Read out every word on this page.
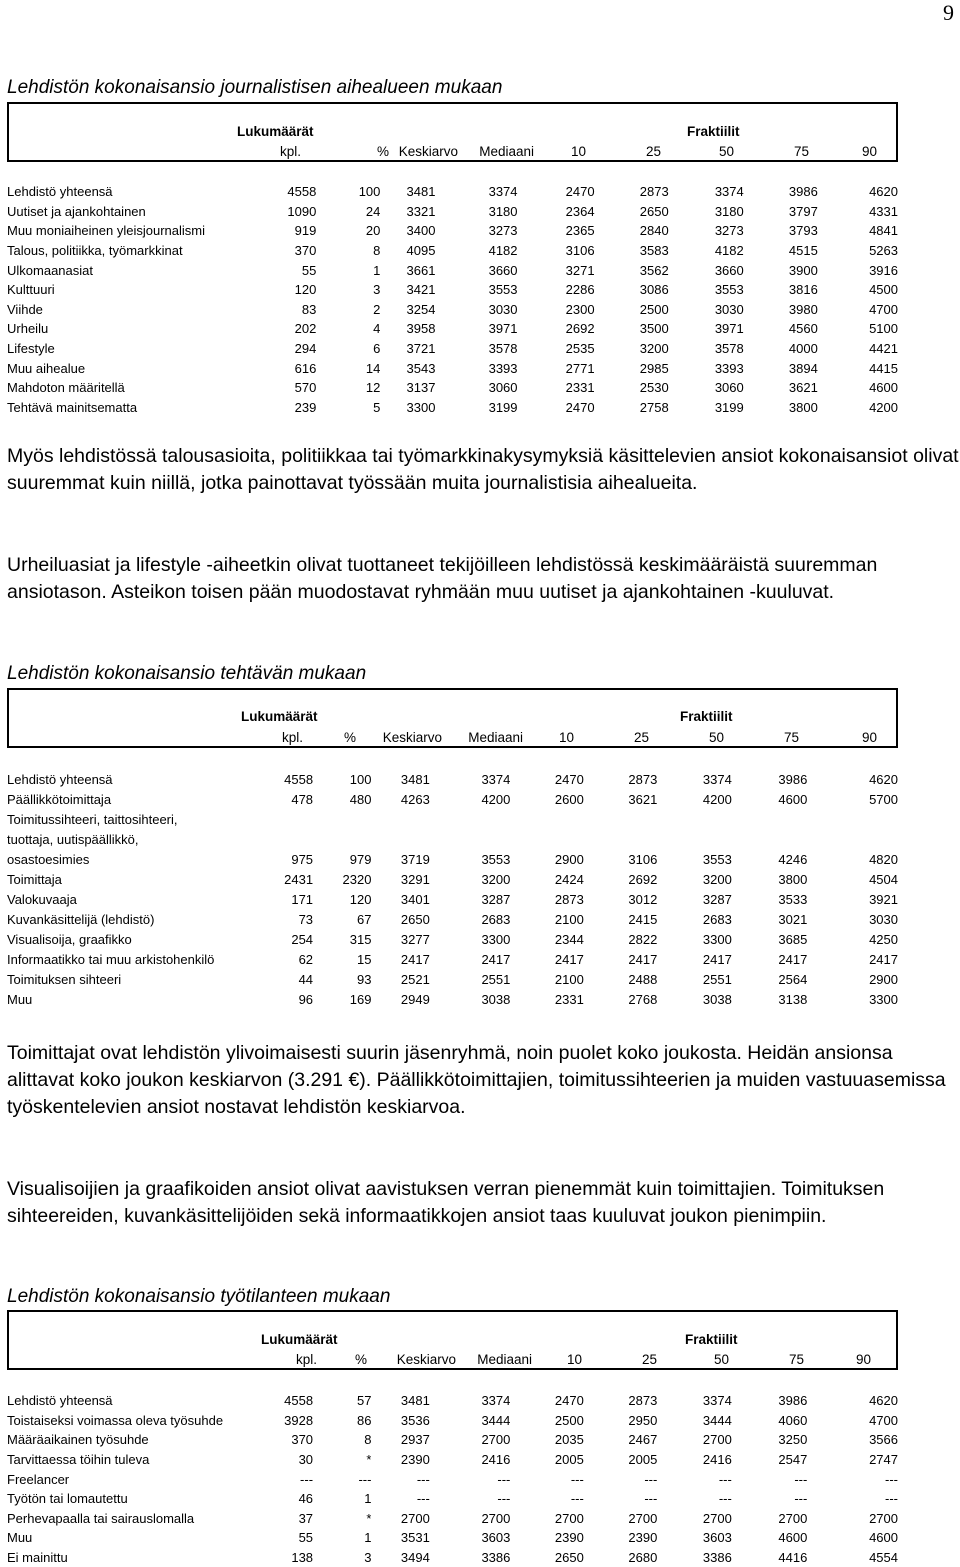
9
Lehdistön kokonaisansio journalistisen aihealueen mukaan
Lukumäärät	Fraktiilit
kpl.	% Keskiarvo Mediaani	10	25	50	75	90
Lehdistö yhteensä	4558	100	3481	3374	2470	2873	3374	3986	4620
Uutiset ja ajankohtainen	1090	24	3321	3180	2364	2650	3180	3797	4331
Muu moniaiheinen yleisjournalismi	919	20	3400	3273	2365	2840	3273	3793	4841
Talous, politiikka, työmarkkinat	370	8	4095	4182	3106	3583	4182	4515	5263
Ulkomaanasiat	55	1	3661	3660	3271	3562	3660	3900	3916
Kulttuuri	120	3	3421	3553	2286	3086	3553	3816	4500
Viihde	83	2	3254	3030	2300	2500	3030	3980	4700
Urheilu	202	4	3958	3971	2692	3500	3971	4560	5100
Lifestyle	294	6	3721	3578	2535	3200	3578	4000	4421
Muu aihealue	616	14	3543	3393	2771	2985	3393	3894	4415
Mahdoton määritellä	570	12	3137	3060	2331	2530	3060	3621	4600
Tehtävä mainitsematta	239	5	3300	3199	2470	2758	3199	3800	4200

Myös lehdistössä talousasioita, politiikkaa tai työmarkkinakysymyksiä käsittelevien ansiot kokonaisansiot olivat suuremmat kuin niillä, jotka painottavat työssään muita journalistisia aihealueita.

Urheiluasiat ja lifestyle -aiheetkin olivat tuottaneet tekijöilleen lehdistössä keskimääräistä suuremman ansiotason. Asteikon toisen pään muodostavat ryhmään muu uutiset ja ajankohtainen -kuuluvat.

Lehdistön kokonaisansio tehtävän mukaan
Lukumäärät	Fraktiilit
kpl.	% Keskiarvo Mediaani	10	25	50	75	90
Lehdistö yhteensä	4558	100	3481	3374	2470	2873	3374	3986	4620
Päällikkötoimittaja	478	480	4263	4200	2600	3621	4200	4600	5700
Toimitussihteeri, taittosihteeri,									
tuottaja, uutispäällikkö,									
osastoesimies	975	979	3719	3553	2900	3106	3553	4246	4820
Toimittaja	2431	2320	3291	3200	2424	2692	3200	3800	4504
Valokuvaaja	171	120	3401	3287	2873	3012	3287	3533	3921
Kuvankäsittelijä (lehdistö)	73	67	2650	2683	2100	2415	2683	3021	3030
Visualisoija, graafikko	254	315	3277	3300	2344	2822	3300	3685	4250
Informaatikko tai muu arkistohenkilö	62	15	2417	2417	2417	2417	2417	2417	2417
Toimituksen sihteeri	44	93	2521	2551	2100	2488	2551	2564	2900
Muu	96	169	2949	3038	2331	2768	3038	3138	3300

Toimittajat ovat lehdistön ylivoimaisesti suurin jäsenryhmä, noin puolet koko joukosta. Heidän ansionsa alittavat koko joukon keskiarvon (3.291 €). Päällikkötoimittajien, toimitussihteerien ja muiden vastuuasemissa työskentelevien ansiot nostavat lehdistön keskiarvoa.

Visualisoijien ja graafikoiden ansiot olivat aavistuksen verran pienemmät kuin toimittajien. Toimituksen sihteereiden, kuvankäsittelijöiden sekä informaatikkojen ansiot taas kuuluvat joukon pienimpiin.

Lehdistön kokonaisansio työtilanteen mukaan
Lukumäärät	Fraktiilit
kpl.	% Keskiarvo Mediaani	10	25	50	75	90
Lehdistö yhteensä	4558	57	3481	3374	2470	2873	3374	3986	4620
Toistaiseksi voimassa oleva työsuhde	3928	86	3536	3444	2500	2950	3444	4060	4700
Määräaikainen työsuhde	370	8	2937	2700	2035	2467	2700	3250	3566
Tarvittaessa töihin tuleva	30	*	2390	2416	2005	2005	2416	2547	2747
Freelancer	---	---	---	---	---	---	---	---	---
Työtön tai lomautettu	46	1	---	---	---	---	---	---	---
Perhevapaalla tai sairauslomalla	37	*	2700	2700	2700	2700	2700	2700	2700
Muu	55	1	3531	3603	2390	2390	3603	4600	4600
Ei mainittu	138	3	3494	3386	2650	2680	3386	4416	4554
